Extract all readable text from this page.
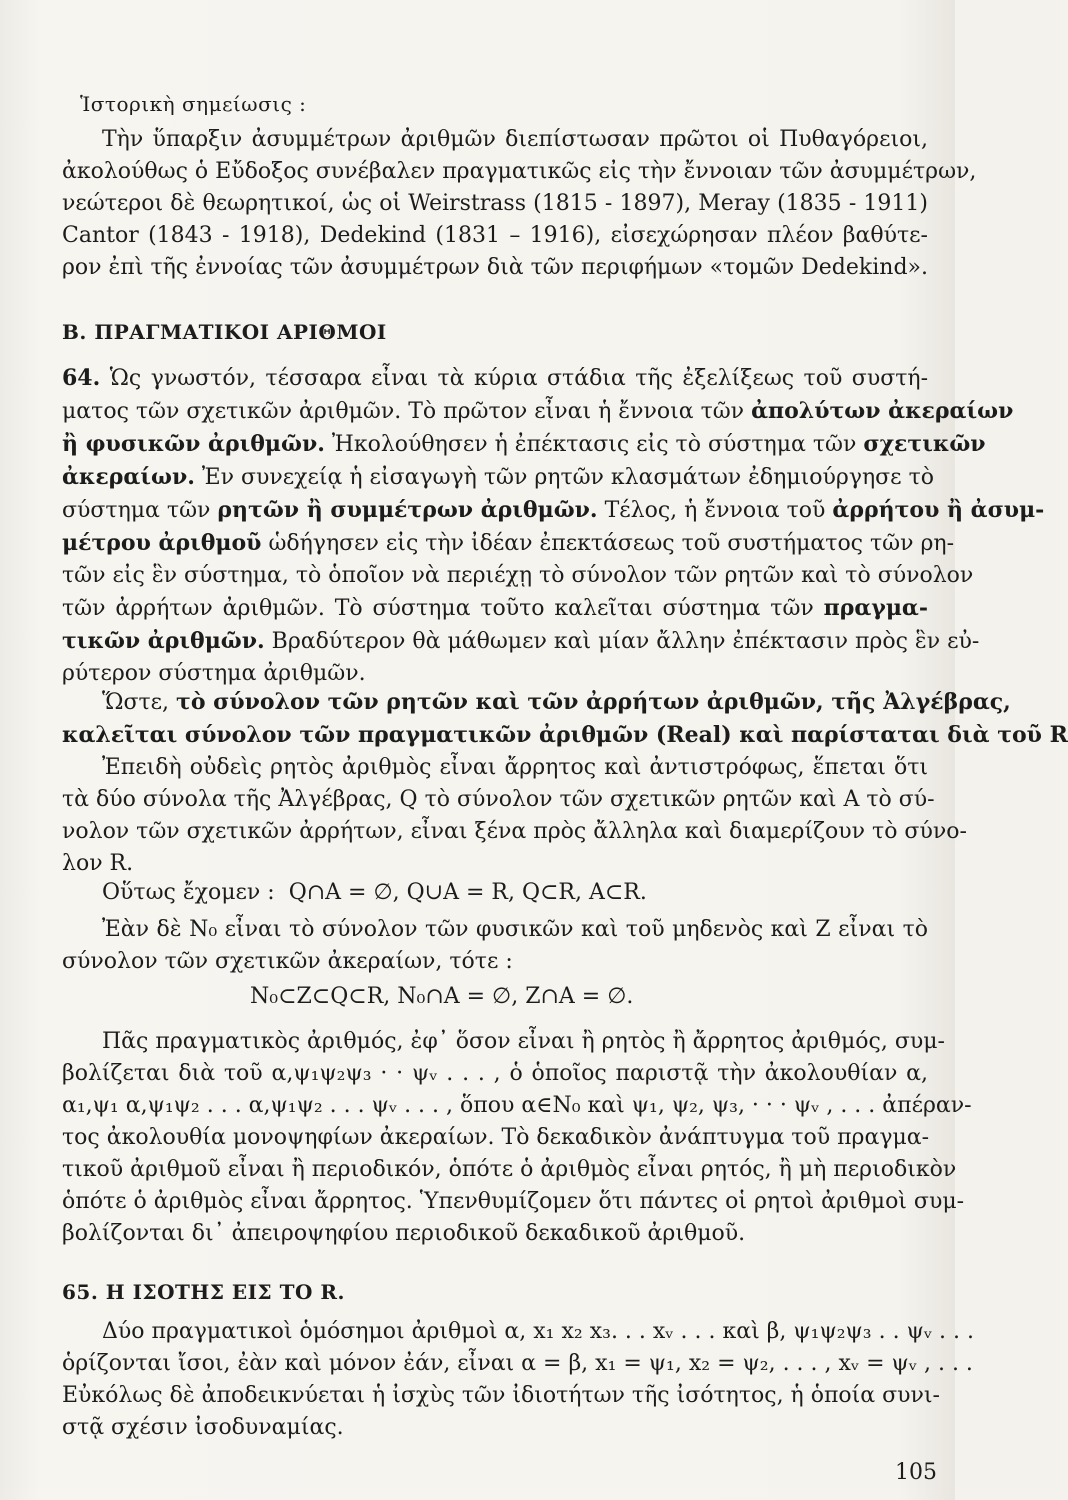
Ἱστορικὴ σημείωσις :
Τὴν ὕπαρξιν ἀσυμμέτρων ἀριθμῶν διεπίστωσαν πρῶτοι οἱ Πυθαγόρειοι,
ἀκολούθως ὁ Εὔδοξος συνέβαλεν πραγματικῶς εἰς τὴν ἔννοιαν τῶν ἀσυμμέτρων,
νεώτεροι δὲ θεωρητικοί, ὡς οἱ Weirstrass (1815 - 1897), Meray (1835 - 1911)
Cantor (1843 - 1918), Dedekind (1831 – 1916), εἰσεχώρησαν πλέον βαθύτε-
ρον ἐπὶ τῆς ἐννοίας τῶν ἀσυμμέτρων διὰ τῶν περιφήμων «τομῶν Dedekind».
Β. ΠΡΑΓΜΑΤΙΚΟΙ ΑΡΙΘΜΟΙ
64. Ὡς γνωστόν, τέσσαρα εἶναι τὰ κύρια στάδια τῆς ἐξελίξεως τοῦ συστή-
ματος τῶν σχετικῶν ἀριθμῶν. Τὸ πρῶτον εἶναι ἡ ἔννοια τῶν ἀπολύτων ἀκεραίων
ἢ φυσικῶν ἀριθμῶν. Ἠκολούθησεν ἡ ἐπέκτασις εἰς τὸ σύστημα τῶν σχετικῶν
ἀκεραίων. Ἐν συνεχείᾳ ἡ εἰσαγωγὴ τῶν ρητῶν κλασμάτων ἐδημιούργησε τὸ
σύστημα τῶν ρητῶν ἢ συμμέτρων ἀριθμῶν. Τέλος, ἡ ἔννοια τοῦ ἀρρήτου ἢ ἀσυμ-
μέτρου ἀριθμοῦ ὡδήγησεν εἰς τὴν ἰδέαν ἐπεκτάσεως τοῦ συστήματος τῶν ρη-
τῶν εἰς ἓν σύστημα, τὸ ὁποῖον νὰ περιέχῃ τὸ σύνολον τῶν ρητῶν καὶ τὸ σύνολον
τῶν ἀρρήτων ἀριθμῶν. Τὸ σύστημα τοῦτο καλεῖται σύστημα τῶν πραγμα-
τικῶν ἀριθμῶν. Βραδύτερον θὰ μάθωμεν καὶ μίαν ἄλλην ἐπέκτασιν πρὸς ἓν εὐ-
ρύτερον σύστημα ἀριθμῶν.
Ὥστε, τὸ σύνολον τῶν ρητῶν καὶ τῶν ἀρρήτων ἀριθμῶν, τῆς Ἀλγέβρας,
καλεῖται σύνολον τῶν πραγματικῶν ἀριθμῶν (Real) καὶ παρίσταται διὰ τοῦ R
Ἐπειδὴ οὐδεὶς ρητὸς ἀριθμὸς εἶναι ἄρρητος καὶ ἀντιστρόφως, ἕπεται ὅτι
τὰ δύο σύνολα τῆς Ἀλγέβρας, Q τὸ σύνολον τῶν σχετικῶν ρητῶν καὶ A τὸ σύ-
νολον τῶν σχετικῶν ἀρρήτων, εἶναι ξένα πρὸς ἄλληλα καὶ διαμερίζουν τὸ σύνο-
λον R.
Οὕτως ἔχομεν : Q∩A = ∅, Q∪A = R, Q⊂R, A⊂R.
Ἐὰν δὲ N₀ εἶναι τὸ σύνολον τῶν φυσικῶν καὶ τοῦ μηδενὸς καὶ Z εἶναι τὸ
σύνολον τῶν σχετικῶν ἀκεραίων, τότε :
N₀⊂Z⊂Q⊂R, N₀∩A = ∅, Z∩A = ∅.
Πᾶς πραγματικὸς ἀριθμός, ἐφ᾽ ὅσον εἶναι ἢ ρητὸς ἢ ἄρρητος ἀριθμός, συμ-
βολίζεται διὰ τοῦ α,ψ₁ψ₂ψ₃ · · ψᵥ . . . , ὁ ὁποῖος παριστᾷ τὴν ἀκολουθίαν α,
α₁,ψ₁ α,ψ₁ψ₂ . . . α,ψ₁ψ₂ . . . ψᵥ . . . , ὅπου α∈N₀ καὶ ψ₁, ψ₂, ψ₃, · · · ψᵥ , . . . ἀπέραν-
τος ἀκολουθία μονοψηφίων ἀκεραίων. Τὸ δεκαδικὸν ἀνάπτυγμα τοῦ πραγμα-
τικοῦ ἀριθμοῦ εἶναι ἢ περιοδικόν, ὁπότε ὁ ἀριθμὸς εἶναι ρητός, ἢ μὴ περιοδικὸν
ὁπότε ὁ ἀριθμὸς εἶναι ἄρρητος. Ὑπενθυμίζομεν ὅτι πάντες οἱ ρητοὶ ἀριθμοὶ συμ-
βολίζονται δι᾽ ἀπειροψηφίου περιοδικοῦ δεκαδικοῦ ἀριθμοῦ.
65. Η ΙΣΟΤΗΣ ΕΙΣ ΤΟ R.
Δύο πραγματικοὶ ὁμόσημοι ἀριθμοὶ α, x₁ x₂ x₃. . . xᵥ . . . καὶ β, ψ₁ψ₂ψ₃ . . ψᵥ . . .
ὁρίζονται ἴσοι, ἐὰν καὶ μόνον ἐάν, εἶναι α = β, x₁ = ψ₁, x₂ = ψ₂, . . . , xᵥ = ψᵥ , . . .
Εὐκόλως δὲ ἀποδεικνύεται ἡ ἰσχὺς τῶν ἰδιοτήτων τῆς ἰσότητος, ἡ ὁποία συνι-
στᾷ σχέσιν ἰσοδυναμίας.
105
